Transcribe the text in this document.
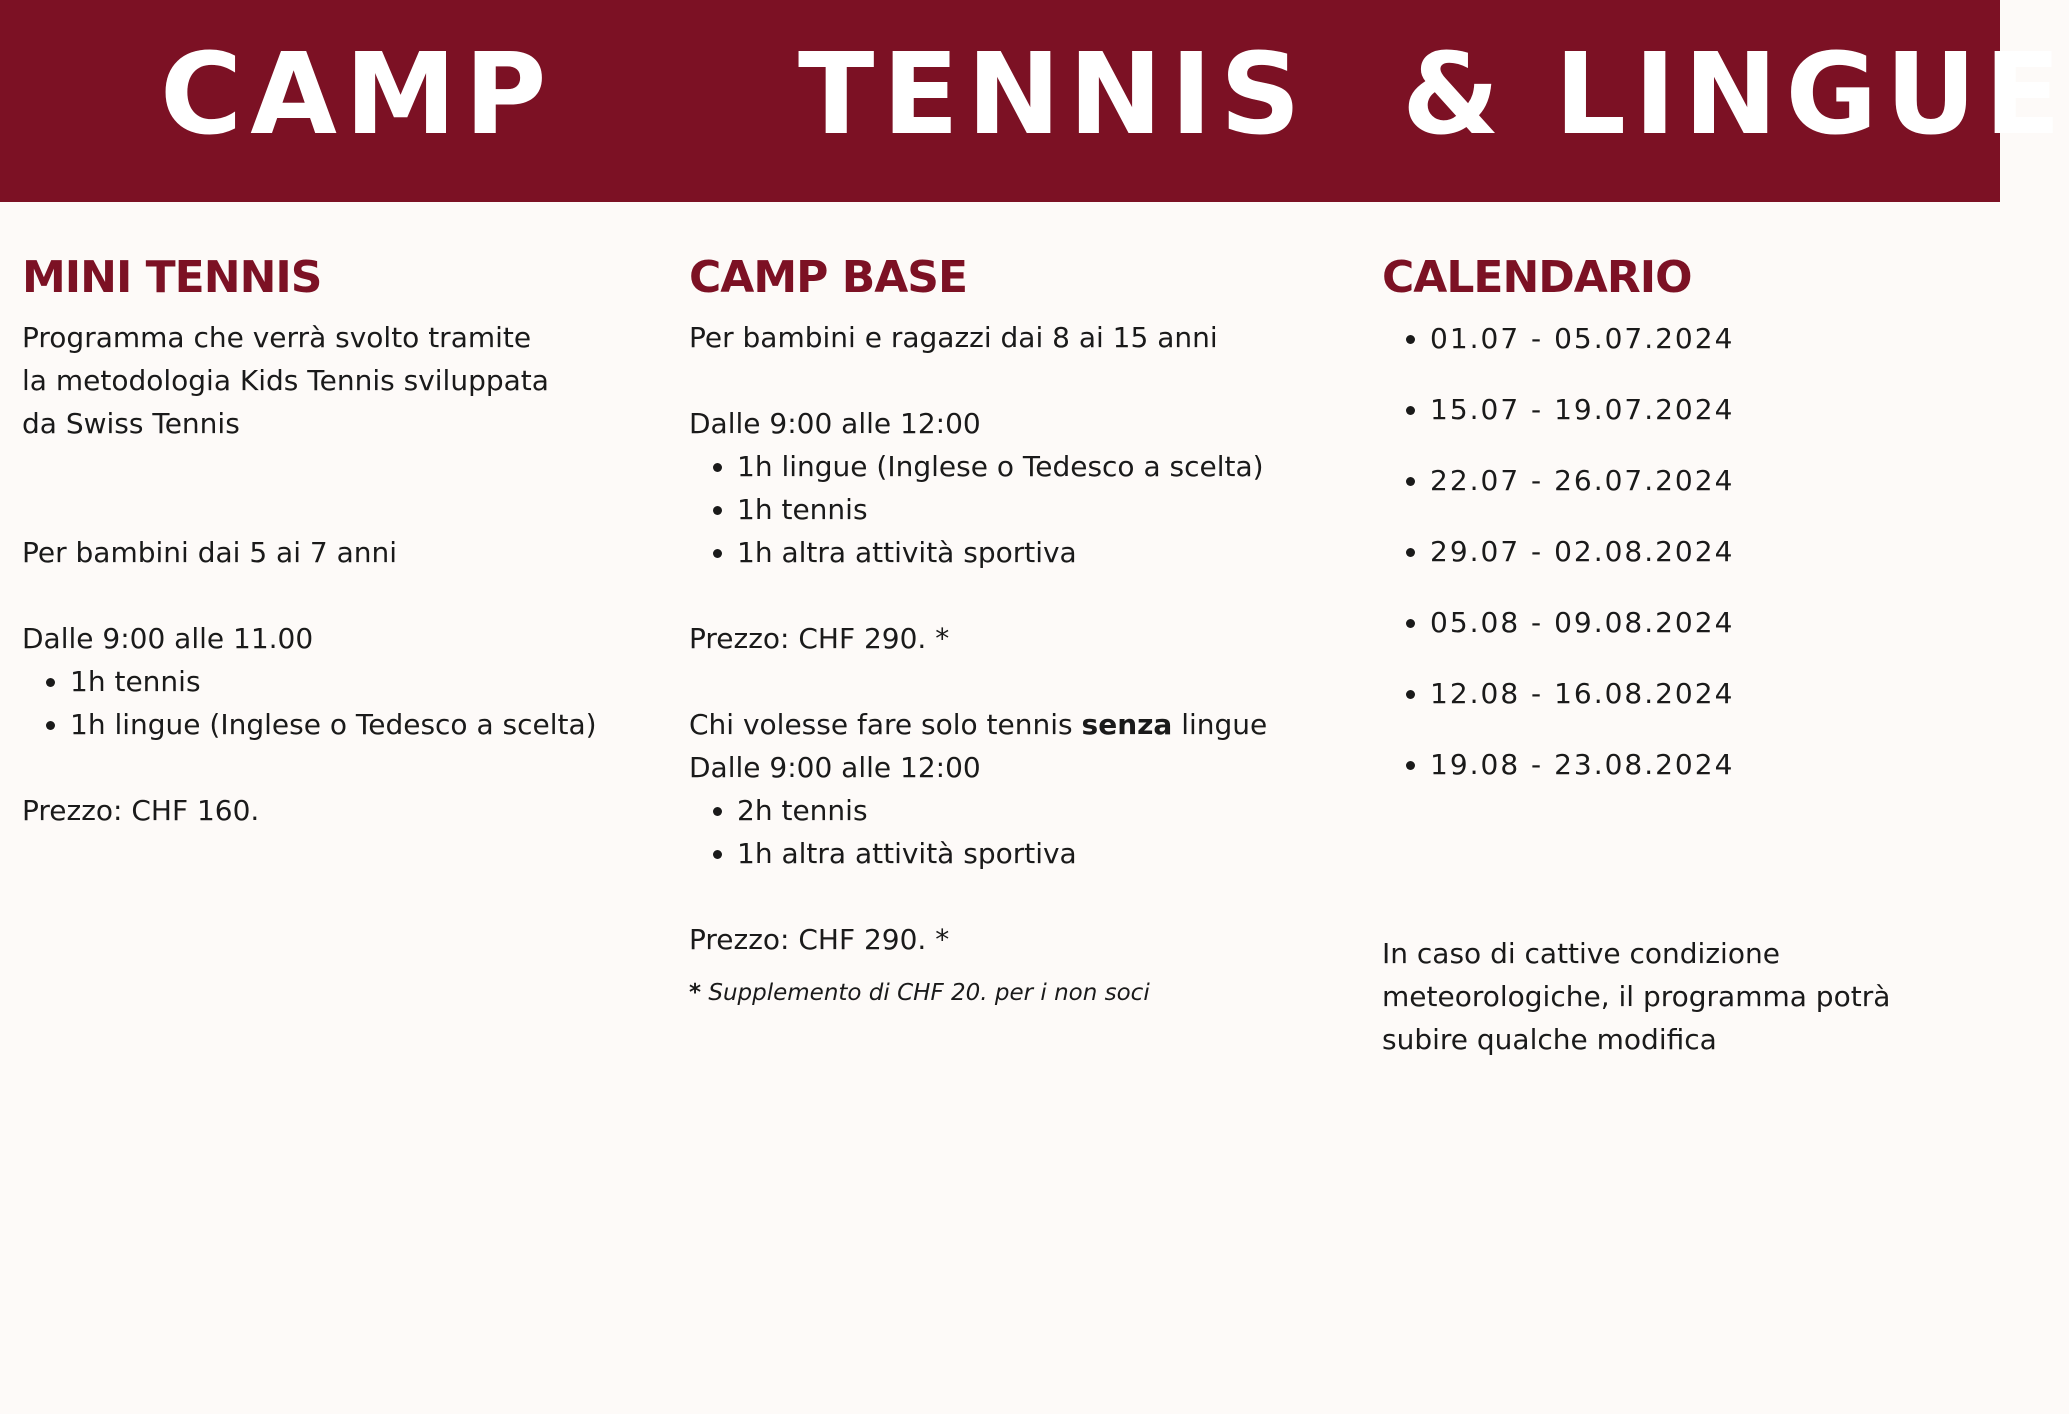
CAMP TENNIS & LINGUE
MINI TENNIS
Programma che verrà svolto tramite
la metodologia Kids Tennis sviluppata
da Swiss Tennis
Per bambini dai 5 ai 7 anni
Dalle 9:00 alle 11.00
• 1h tennis
• 1h lingue (Inglese o Tedesco a scelta)
Prezzo: CHF 160.
CAMP BASE
Per bambini e ragazzi dai 8 ai 15 anni
Dalle 9:00 alle 12:00
• 1h lingue (Inglese o Tedesco a scelta)
• 1h tennis
• 1h altra attività sportiva
Prezzo: CHF 290. *
Chi volesse fare solo tennis senza lingue
Dalle 9:00 alle 12:00
• 2h tennis
• 1h altra attività sportiva
Prezzo: CHF 290. *
* Supplemento di CHF 20. per i non soci
CALENDARIO
• 01.07 - 05.07.2024
• 15.07 - 19.07.2024
• 22.07 - 26.07.2024
• 29.07 - 02.08.2024
• 05.08 - 09.08.2024
• 12.08 - 16.08.2024
• 19.08 - 23.08.2024
In caso di cattive condizione
meteorologiche, il programma potrà
subire qualche modifica
